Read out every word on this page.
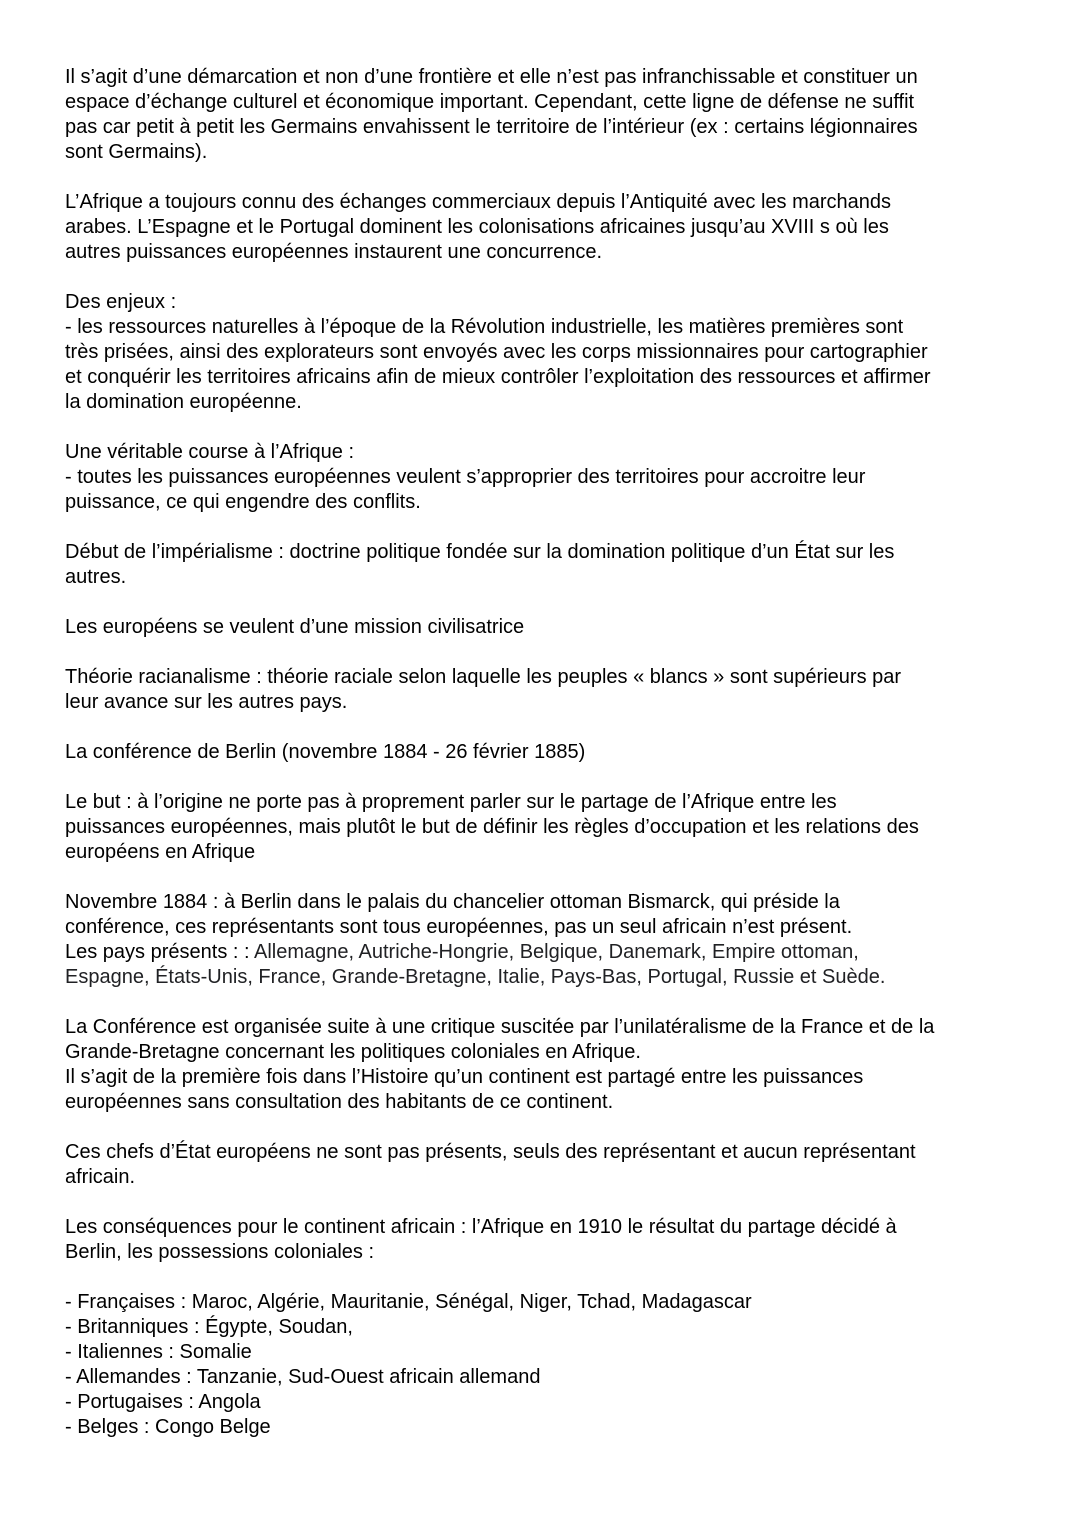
Il s’agit d’une démarcation et non d’une frontière et elle n’est pas infranchissable et constituer un
espace d’échange culturel et économique important. Cependant, cette ligne de défense ne suffit
pas car petit à petit les Germains envahissent le territoire de l’intérieur (ex : certains légionnaires
sont Germains).
L’Afrique a toujours connu des échanges commerciaux depuis l’Antiquité avec les marchands
arabes. L’Espagne et le Portugal dominent les colonisations africaines jusqu’au XVIII s où les
autres puissances européennes instaurent une concurrence.
Des enjeux :
- les ressources naturelles à l’époque de la Révolution industrielle, les matières premières sont
très prisées, ainsi des explorateurs sont envoyés avec les corps missionnaires pour cartographier
et conquérir les territoires africains afin de mieux contrôler l’exploitation des ressources et affirmer
la domination européenne.
Une véritable course à l’Afrique :
- toutes les puissances européennes veulent s’approprier des territoires pour accroitre leur
puissance, ce qui engendre des conflits.
Début de l’impérialisme : doctrine politique fondée sur la domination politique d’un État sur les
autres.
Les européens se veulent d’une mission civilisatrice
Théorie racianalisme : théorie raciale selon laquelle les peuples « blancs » sont supérieurs par
leur avance sur les autres pays.
La conférence de Berlin (novembre 1884 - 26 février 1885)
Le but : à l’origine ne porte pas à proprement parler sur le partage de l’Afrique entre les
puissances européennes, mais plutôt le but de définir les règles d’occupation et les relations des
européens en Afrique
Novembre 1884 : à Berlin dans le palais du chancelier ottoman Bismarck, qui préside la
conférence, ces représentants sont tous européennes, pas un seul africain n’est présent.
Les pays présents : : Allemagne, Autriche-Hongrie, Belgique, Danemark, Empire ottoman,
Espagne, États-Unis, France, Grande-Bretagne, Italie, Pays-Bas, Portugal, Russie et Suède.
La Conférence est organisée suite à une critique suscitée par l’unilatéralisme de la France et de la
Grande-Bretagne concernant les politiques coloniales en Afrique.
Il s’agit de la première fois dans l’Histoire qu’un continent est partagé entre les puissances
européennes sans consultation des habitants de ce continent.
Ces chefs d’État européens ne sont pas présents, seuls des représentant et aucun représentant
africain.
Les conséquences pour le continent africain : l’Afrique en 1910 le résultat du partage décidé à
Berlin, les possessions coloniales :
- Françaises : Maroc, Algérie, Mauritanie, Sénégal, Niger, Tchad, Madagascar
- Britanniques : Égypte, Soudan,
- Italiennes : Somalie
- Allemandes : Tanzanie, Sud-Ouest africain allemand
- Portugaises : Angola
- Belges : Congo Belge
